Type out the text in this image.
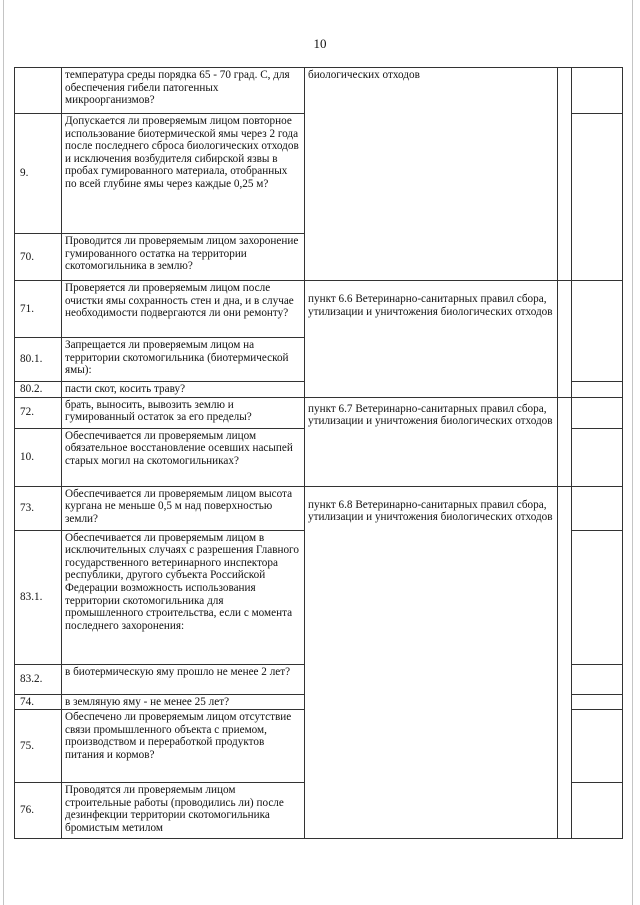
10
	температура среды порядка 65 - 70 град. С, для обеспечения гибели патогенных микроорганизмов?	биологических отходов		
9.	Допускается ли проверяемым лицом повторное использование биотермической ямы через 2 года после последнего сброса биологических отходов и исключения возбудителя сибирской язвы в пробах гумированного материала, отобранных по всей глубине ямы через каждые 0,25 м?			
70.	Проводится ли проверяемым лицом захоронение гумированного остатка на территории скотомогильника в землю?			
71.	Проверяется ли проверяемым лицом после очистки ямы сохранность стен и дна, и в случае необходимости подвергаются ли они ремонту?	пункт 6.6 Ветеринарно-санитарных правил сбора, утилизации и уничтожения биологических отходов		
80.1.	Запрещается ли проверяемым лицом на территории скотомогильника (биотермической ямы):			
80.2.	пасти скот, косить траву?			
72.	брать, выносить, вывозить землю и гумированный остаток за его пределы?	пункт 6.7 Ветеринарно-санитарных правил сбора, утилизации и уничтожения биологических отходов		
10.	Обеспечивается ли проверяемым лицом обязательное восстановление осевших насыпей старых могил на скотомогильниках?			
73.	Обеспечивается ли проверяемым лицом высота кургана не меньше 0,5 м над поверхностью земли?	пункт 6.8 Ветеринарно-санитарных правил сбора, утилизации и уничтожения биологических отходов		
83.1.	Обеспечивается ли проверяемым лицом в исключительных случаях с разрешения Главного государственного ветеринарного инспектора республики, другого субъекта Российской Федерации возможность использования территории скотомогильника для промышленного строительства, если с момента последнего захоронения:			
83.2.	в биотермическую яму прошло не менее 2 лет?			
74.	в земляную яму - не менее 25 лет?			
75.	Обеспечено ли проверяемым лицом отсутствие связи промышленного объекта с приемом, производством и переработкой продуктов питания и кормов?			
76.	Проводятся ли проверяемым лицом строительные работы (проводились ли) после дезинфекции территории скотомогильника бромистым метилом			
